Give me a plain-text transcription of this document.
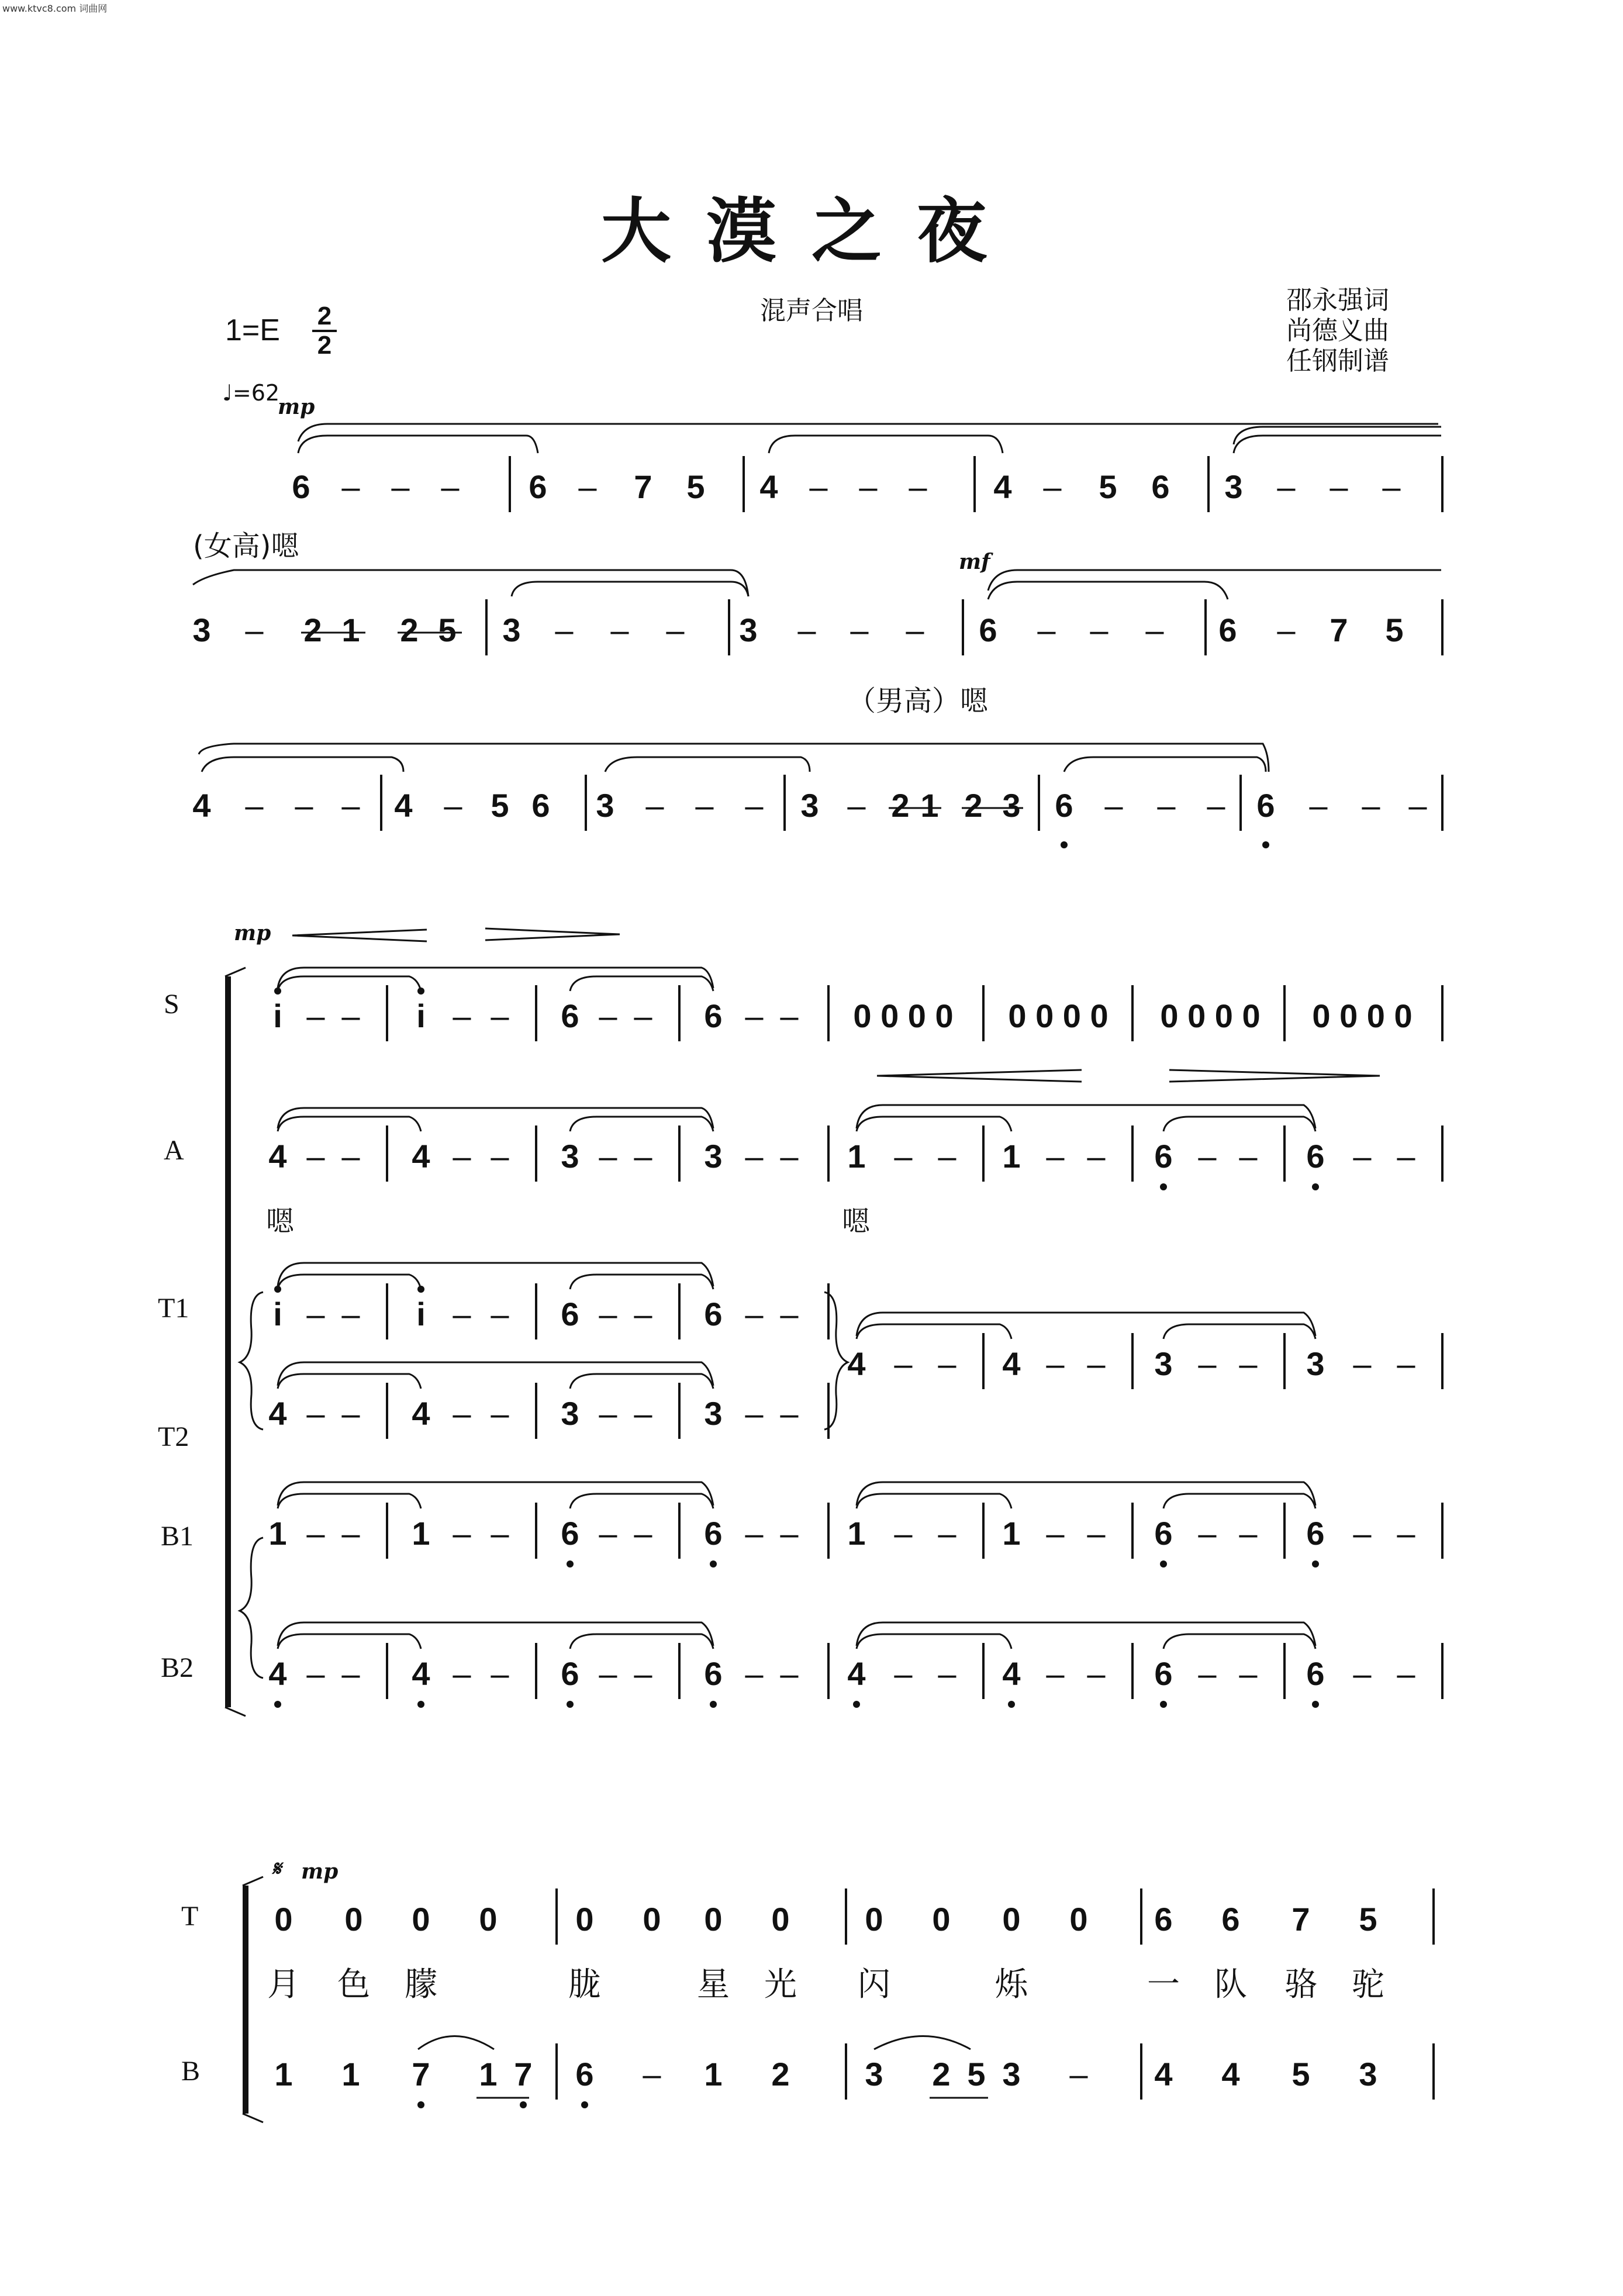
www.ktvc8.com 词曲网
大漠之夜
混声合唱	邵永强词
尚德义曲
任钢制谱
1=E 2
2
♩=62
mp
6 – – – 6 – 7 5 4 – – – 4 – 5 6 3 – – –
(女高)嗯	mf
3 – 2 1 2 5 3 – – – 3 – – – 6 – – – 6 – 7 5
（男高）嗯
4 – – – 4 – 5 6 3 – – – 3 – 2 1 2 3 6 – – – 6 – – –
mp
S
A
T1
T2
B1
B2
i – – i – – 6 – – 6 – – 0 0 0 0 0 0 0 0 0 0 0 0 0 0 0 0
4 – – 4 – – 3 – – 3 – – 1 – – 1 – – 6 – – 6 – –
嗯	嗯
i – – i – – 6 – – 6 – –
4 – – 4 – – 3 – – 3 – –
4 – – 4 – – 3 – – 3 – –
1 – – 1 – – 6 – – 6 – – 1 – – 1 – – 6 – – 6 – –
4 – – 4 – – 6 – – 6 – – 4 – – 4 – – 6 – – 6 – –
𝄋 mp
T
B
0 0 0 0 0 0 0 0 0 0 0 0 6 6 7 5
月 色 朦	胧	星 光 闪	烁	一 队 骆 驼
1 1 7 1 7 6 – 1 2 3 2 5 3 – 4 4 5 3
